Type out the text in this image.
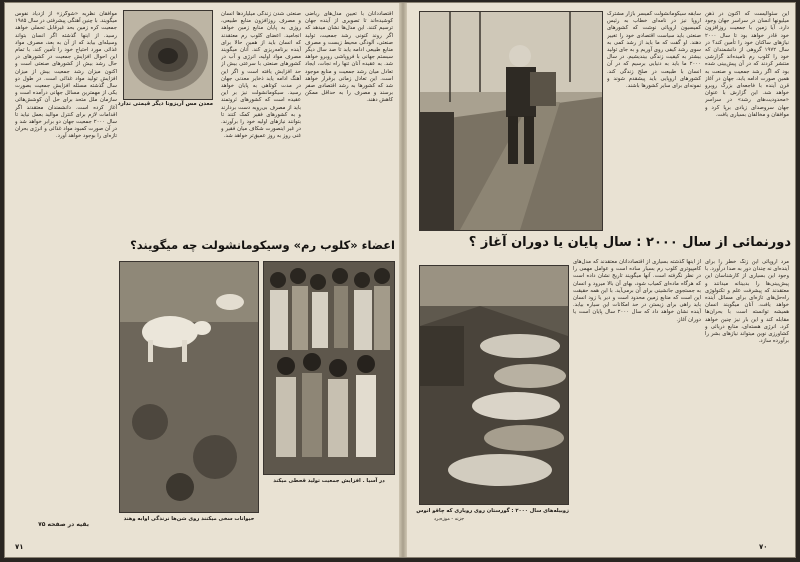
معدن مس آریزونا دیگر قیمتی ندارد
موافقان نظریه «شوگرز» از ازدیاد نفوس میگویند. با چنین آهنگی پیشرفتی در سال ۱۹۸۵ جمعیت کره زمین بحد غیرقابل تحملی خواهد رسید. از اینها گذشته اگر انسان بتواند وسیله‌ای بیابد که از آن به بعد، مصرف مواد غذائی مورد احتیاج خود را تأمین کند. با تمام این احوال افزایش جمعیت در کشورهای در حال رشد بیش از کشورهای صنعتی است و اکنون میزان رشد جمعیت بیش از میزان افزایش تولید مواد غذائی است. در طول دو سال گذشته مسئله افزایش جمعیت بصورت یکی از مهمترین مسائل جهانی درآمده است و سازمان ملل متحد برای حل آن کوشش‌هائی آغاز کرده است. دانشمندان معتقدند اگر اقدامات لازم برای کنترل موالید بعمل نیاید تا سال ۲۰۰۰ جمعیت جهان دو برابر خواهد شد و در آن صورت کمبود مواد غذائی و انرژی بحران تازه‌ای را بوجود خواهد آورد.
صنعتی شدن زندگی میلیاردها انسان و مصرف روزافزون منابع طبیعی، روزی به پایان منابع زمین خواهد انجامید. اعضای کلوب رم معتقدند که انسان باید از همین حالا برای آینده برنامه‌ریزی کند. آنان میگویند مصرف مواد اولیه، انرژی و آب در کشورهای صنعتی با سرعتی بیش از حد افزایش یافته است و اگر این آهنگ ادامه یابد ذخایر معدنی جهان در مدت کوتاهی به پایان خواهد رسید. سیکومانشولت نیز بر این عقیده است که کشورهای ثروتمند باید از مصرف بی‌رویه دست بردارند و به کشورهای فقیر کمک کنند تا بتوانند نیازهای اولیه خود را برآورند. در غیر اینصورت شکاف میان فقیر و غنی روز به روز عمیق‌تر خواهد شد.
اقتصاددانان با تعیین مدل‌های ریاضی کوشیده‌اند تا تصویری از آینده جهان ترسیم کنند. این مدل‌ها نشان میدهد که اگر روند کنونی رشد جمعیت، تولید صنعتی، آلودگی محیط زیست و مصرف منابع طبیعی ادامه یابد تا صد سال دیگر سیستم جهانی با فروپاشی روبرو خواهد شد. به عقیده آنان تنها راه نجات، ایجاد تعادل میان رشد جمعیت و منابع موجود است. این تعادل زمانی برقرار خواهد شد که کشورها به رشد اقتصادی صفر برسند و مصرف را به حداقل ممکن کاهش دهند.
اعضاء «کلوب رم» وسیکومانشولت چه میگویند؟
حیوانات سخی میکنند روی شن‌ها نرندگی اوابه وهند
در آسیا . افزایش جمعیت تولید قحطی میکند
بقیه در صفحه ۷۵
۷۱
این سئوالیست که اکنون در ذهن میلیونها انسان در سراسر جهان وجود دارد. آیا زمین با جمعیت روزافزون خود قادر خواهد بود تا سال ۲۰۰۰ نیازهای ساکنان خود را تأمین کند؟ در سال ۱۹۷۲ گروهی از دانشمندان که خود را کلوب رم نامیده‌اند گزارشی منتشر کردند که در آن پیش‌بینی شده بود که اگر رشد جمعیت و صنعت به همین صورت ادامه یابد، جهان در آغاز قرن آینده با فاجعه‌ای بزرگ روبرو خواهد شد. این گزارش با عنوان «محدودیت‌های رشد» در سراسر جهان سروصدای زیادی برپا کرد و موافقان و مخالفان بسیاری یافت.
سابقه سیکومانشولت کمیسر بازار مشترک اروپا نیز در نامه‌ای خطاب به رئیس کمیسیون اروپائی نوشت که کشورهای صنعتی باید سیاست اقتصادی خود را تغییر دهند. او گفت که ما باید از رشد کمی به سوی رشد کیفی روی آوریم و به جای تولید بیشتر به کیفیت زندگی بیندیشیم. در سال ۲۰۰۰ ما باید به دنیایی برسیم که در آن انسان با طبیعت در صلح زندگی کند. کشورهای اروپایی باید پیشقدم شوند و نمونه‌ای برای سایر کشورها باشند.
دورنمائی از سال ۲۰۰۰ : سال پایان یا دوران آغاز ؟
زوبیله‌های سال ۲۰۰۰ : گورستان روی رویاری که چاقو انوس
جزنه - موزه‌برد
مرد اروپائی این زنگ خطر را برای آینده‌ای نه چندان دور به صدا درآورد. با وجود این بسیاری از کارشناسان این پیش‌بینی‌ها را بدبینانه میدانند و معتقدند که پیشرفت علم و تکنولوژی راه‌حل‌های تازه‌ای برای مسائل آینده خواهد یافت. آنان میگویند انسان همیشه توانسته است با بحران‌ها مقابله کند و این بار نیز چنین خواهد کرد. انرژی هسته‌ای، منابع دریائی و کشاورزی نوین میتواند نیازهای بشر را برآورده سازد.
از اینها گذشته بسیاری از اقتصاددانان معتقدند که مدل‌های کامپیوتری کلوب رم بسیار ساده است و عوامل مهمی را در نظر نگرفته است. آنها میگویند تاریخ نشان داده است که هرگاه ماده‌ای کمیاب شود، بهای آن بالا میرود و انسان به جستجوی جانشینی برای آن برمی‌آید. با این همه حقیقت این است که منابع زمین محدود است و دیر یا زود انسان باید راهی برای زیستن در حد امکانات این سیاره بیابد. آینده نشان خواهد داد که سال ۲۰۰۰ سال پایان است یا دوران آغاز.
۷۰
